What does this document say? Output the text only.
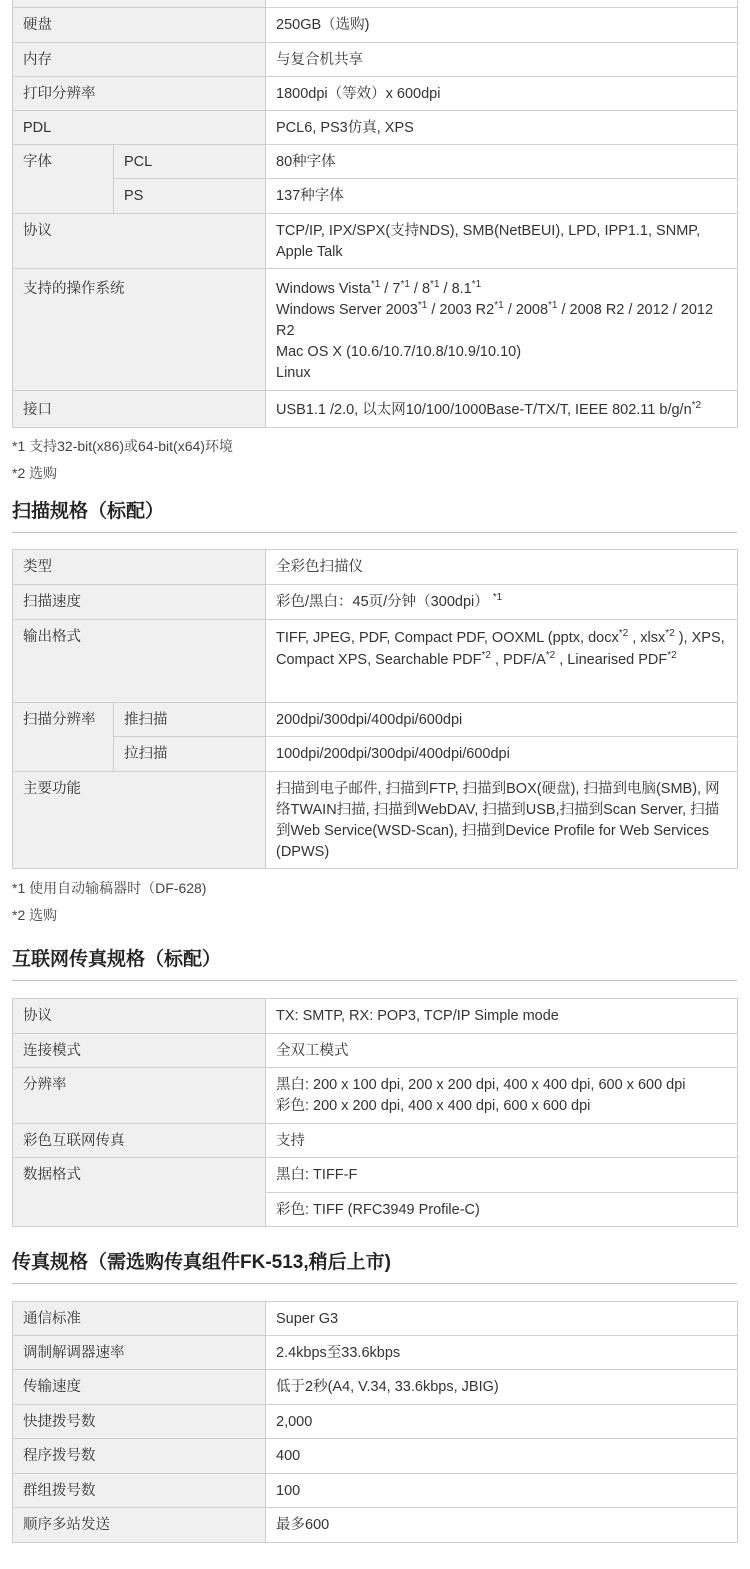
硬盘		250GB（选购)
内存		与复合机共享
打印分辨率		1800dpi（等效）x 600dpi
PDL		PCL6, PS3仿真, XPS
字体	PCL	80种字体
	PS	137种字体
协议		TCP/IP, IPX/SPX(支持NDS), SMB(NetBEUI), LPD, IPP1.1, SNMP, Apple Talk
支持的操作系统		Windows Vista$^{*1}$ / 7$^{*1}$ / 8$^{*1}$ / 8.1$^{*1}$
Windows Server 2003$^{*1}$ / 2003 R2$^{*1}$ / 2008$^{*1}$ / 2008 R2 / 2012 / 2012 R2
Mac OS X (10.6/10.7/10.8/10.9/10.10)
Linux

接口		USB1.1 /2.0, 以太网10/100/1000Base-T/TX/T, IEEE 802.11 $b/g/n^{*2}$
*1 支持32-bit(x86)或64-bit(x64)环境
*2 选购
扫描规格（标配）
类型		全彩色扫描仪
扫描速度		彩色/黑白：45页/分钟（300dpi） $^{*1}$
输出格式		TIFF, JPEG, PDF, Compact PDF, OOXML (pptx, docx$^{*2}$ , xlsx$^{*2}$ ), XPS, Compact XPS, Searchable PDF$^{*2}$ , PDF/$A^{*2}$ , Linearised PDF$^{*2}$
扫描分辨率	推扫描	200dpi/300dpi/400dpi/600dpi
	拉扫描	100dpi/200dpi/300dpi/400dpi/600dpi
主要功能		扫描到电子邮件, 扫描到FTP, 扫描到BOX(硬盘), 扫描到电脑(SMB), 网络TWAIN扫描, 扫描到WebDAV, 扫描到USB,扫描到Scan Server, 扫描到Web Service(WSD-Scan), 扫描到Device Profile for Web Services (DPWS)
*1 使用自动输稿器时（DF-628)
*2 选购
互联网传真规格（标配）
协议	TX: SMTP, RX: POP3, TCP/IP Simple mode
连接模式	全双工模式
分辨率	黑白: 200 x 100 dpi, 200 x 200 dpi, 400 x 400 dpi, 600 x 600 dpi
彩色: 200 x 200 dpi, 400 x 400 dpi, 600 x 600 dpi

彩色互联网传真	支持
数据格式	黑白: TIFF-F
	彩色: TIFF (RFC3949 Profile-C)
传真规格（需选购传真组件FK-513,稍后上市)
通信标准	Super G3
调制解调器速率	2.4kbps至33.6kbps
传输速度	低于2秒(A4, V.34, 33.6kbps, JBIG)
快捷拨号数	2,000
程序拨号数	400
群组拨号数	100
顺序多站发送	最多600
